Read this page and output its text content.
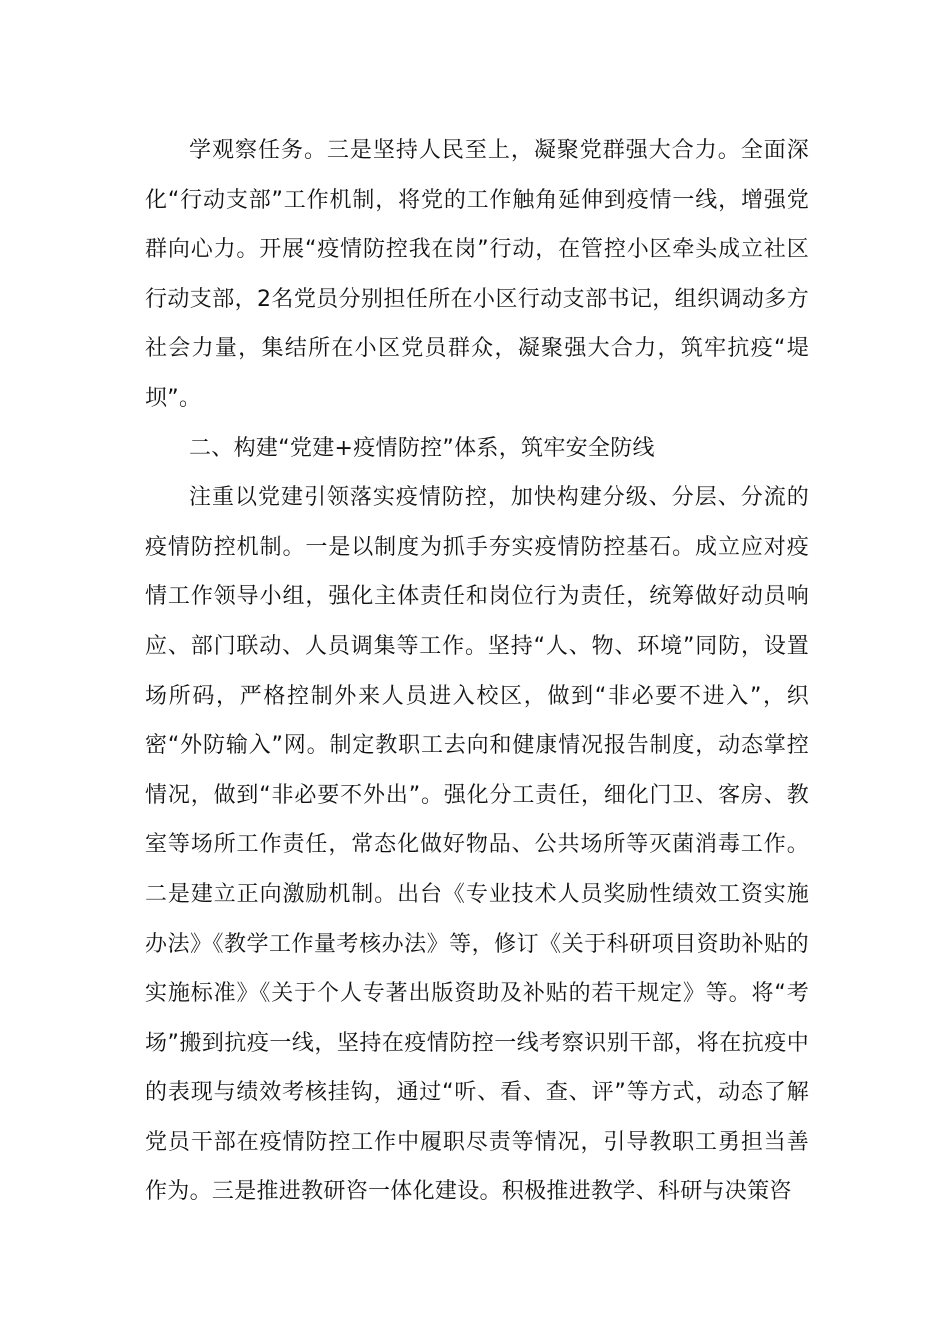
学观察任务。三是坚持人民至上，凝聚党群强大合力。全面深化“行动支部”工作机制，将党的工作触角延伸到疫情一线，增强党群向心力。开展“疫情防控我在岗”行动，在管控小区牵头成立社区行动支部，2名党员分别担任所在小区行动支部书记，组织调动多方社会力量，集结所在小区党员群众，凝聚强大合力，筑牢抗疫“堤坝”。

二、构建“党建+疫情防控”体系，筑牢安全防线

注重以党建引领落实疫情防控，加快构建分级、分层、分流的疫情防控机制。一是以制度为抓手夯实疫情防控基石。成立应对疫情工作领导小组，强化主体责任和岗位行为责任，统筹做好动员响应、部门联动、人员调集等工作。坚持“人、物、环境”同防，设置场所码，严格控制外来人员进入校区，做到“非必要不进入”，织密“外防输入”网。制定教职工去向和健康情况报告制度，动态掌控情况，做到“非必要不外出”。强化分工责任，细化门卫、客房、教室等场所工作责任，常态化做好物品、公共场所等灭菌消毒工作。二是建立正向激励机制。出台《专业技术人员奖励性绩效工资实施办法》《教学工作量考核办法》等，修订《关于科研项目资助补贴的实施标准》《关于个人专著出版资助及补贴的若干规定》等。将“考场”搬到抗疫一线，坚持在疫情防控一线考察识别干部，将在抗疫中的表现与绩效考核挂钩，通过“听、看、查、评”等方式，动态了解党员干部在疫情防控工作中履职尽责等情况，引导教职工勇担当善作为。三是推进教研咨一体化建设。积极推进教学、科研与决策咨
